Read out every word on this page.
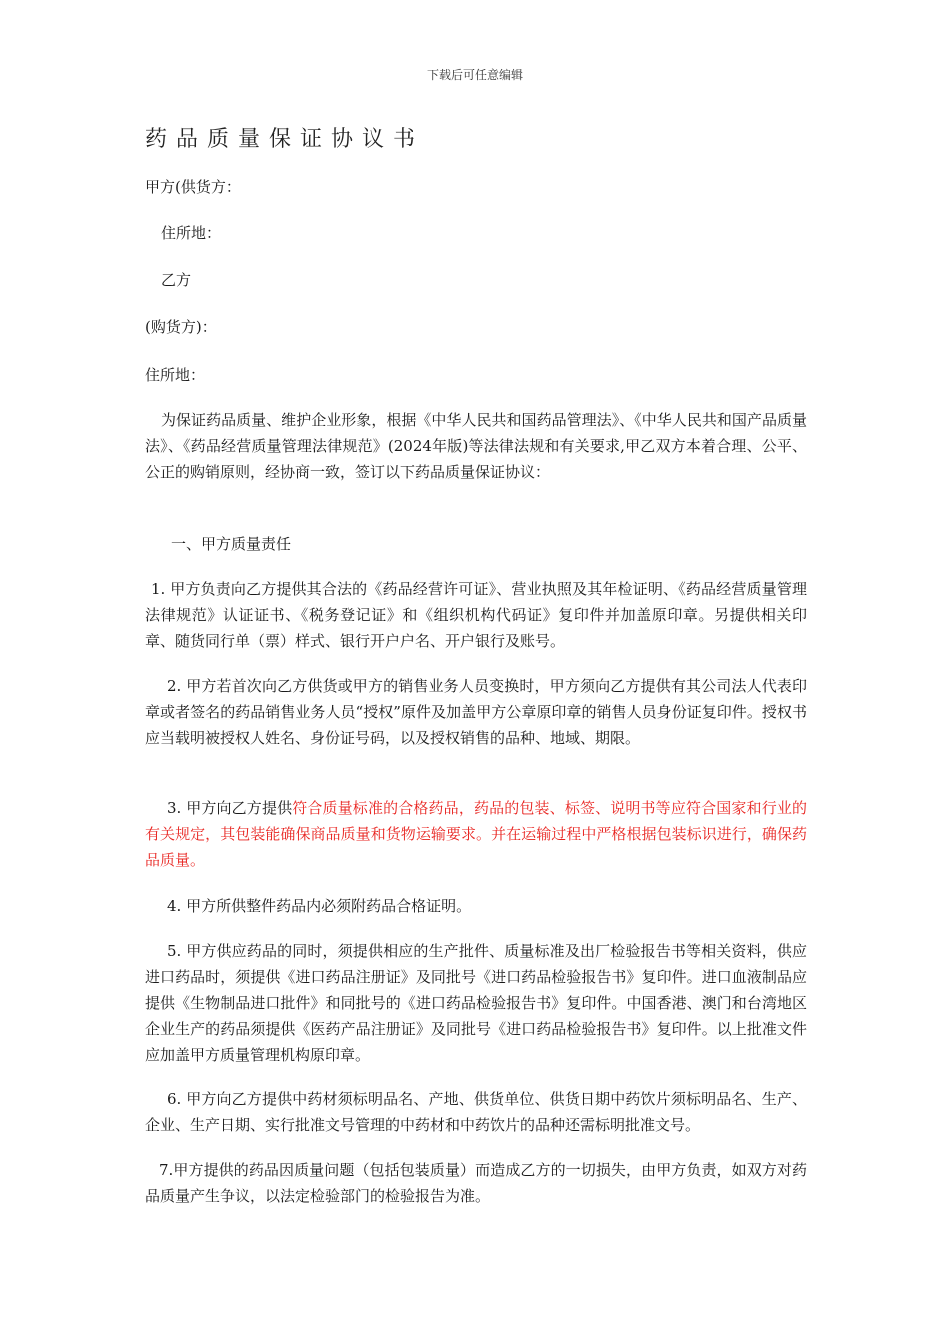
下载后可任意编辑
药品质量保证协议书
甲方(供货方：
住所地：
乙方
(购货方)：
住所地：
为保证药品质量、维护企业形象，根据《中华人民共和国药品管理法》、《中华人民共和国产品质量法》、《药品经营质量管理法律规范》(2024年版)等法律法规和有关要求,甲乙双方本着合理、公平、公正的购销原则，经协商一致，签订以下药品质量保证协议：
一、甲方质量责任
1. 甲方负责向乙方提供其合法的《药品经营许可证》、营业执照及其年检证明、《药品经营质量管理法律规范》认证证书、《税务登记证》和《组织机构代码证》复印件并加盖原印章。另提供相关印章、随货同行单（票）样式、银行开户户名、开户银行及账号。
2. 甲方若首次向乙方供货或甲方的销售业务人员变换时，甲方须向乙方提供有其公司法人代表印章或者签名的药品销售业务人员“授权”原件及加盖甲方公章原印章的销售人员身份证复印件。授权书应当载明被授权人姓名、身份证号码，以及授权销售的品种、地域、期限。
3. 甲方向乙方提供符合质量标准的合格药品，药品的包装、标签、说明书等应符合国家和行业的有关规定，其包装能确保商品质量和货物运输要求。并在运输过程中严格根据包装标识进行，确保药品质量。
4. 甲方所供整件药品内必须附药品合格证明。
5. 甲方供应药品的同时，须提供相应的生产批件、质量标准及出厂检验报告书等相关资料，供应进口药品时，须提供《进口药品注册证》及同批号《进口药品检验报告书》复印件。进口血液制品应提供《生物制品进口批件》和同批号的《进口药品检验报告书》复印件。中国香港、澳门和台湾地区企业生产的药品须提供《医药产品注册证》及同批号《进口药品检验报告书》复印件。以上批准文件应加盖甲方质量管理机构原印章。
6. 甲方向乙方提供中药材须标明品名、产地、供货单位、供货日期中药饮片须标明品名、生产、企业、生产日期、实行批准文号管理的中药材和中药饮片的品种还需标明批准文号。
7.甲方提供的药品因质量问题（包括包装质量）而造成乙方的一切损失，由甲方负责，如双方对药品质量产生争议，以法定检验部门的检验报告为准。
